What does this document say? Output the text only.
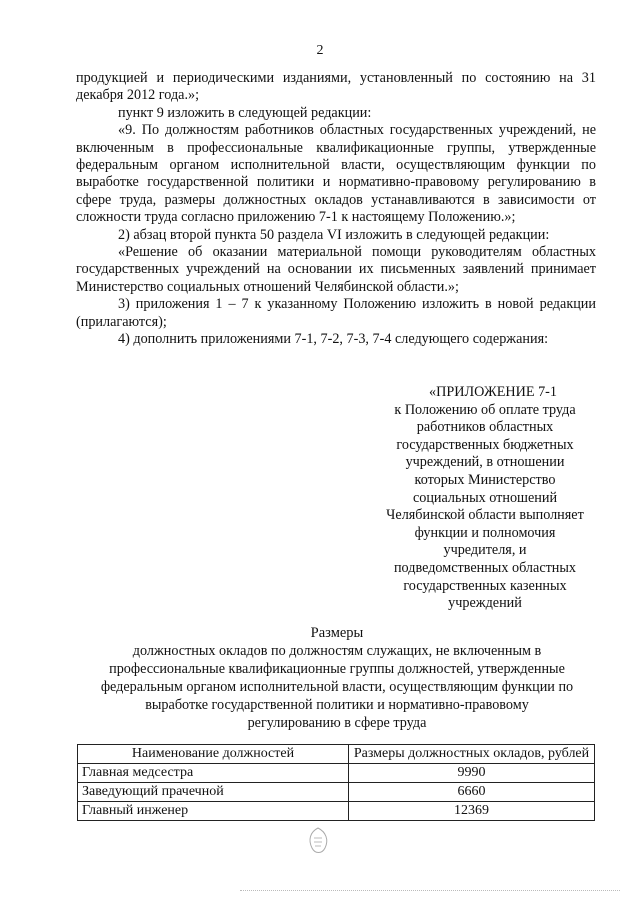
2

продукцией и периодическими изданиями, установленный по состоянию на 31 декабря 2012 года.»;

пункт 9 изложить в следующей редакции:

«9. По должностям работников областных государственных учреждений, не включенным в профессиональные квалификационные группы, утвержденные федеральным органом исполнительной власти, осуществляющим функции по выработке государственной политики и нормативно-правовому регулированию в сфере труда, размеры должностных окладов устанавливаются в зависимости от сложности труда согласно приложению 7-1 к настоящему Положению.»;

2) абзац второй пункта 50 раздела VI изложить в следующей редакции:

«Решение об оказании материальной помощи руководителям областных государственных учреждений на основании их письменных заявлений принимает Министерство социальных отношений Челябинской области.»;

3) приложения 1 – 7 к указанному Положению изложить в новой редакции (прилагаются);

4) дополнить приложениями 7-1, 7-2, 7-3, 7-4 следующего содержания:

«ПРИЛОЖЕНИЕ 7-1
к Положению об оплате труда
работников областных
государственных бюджетных
учреждений, в отношении
которых Министерство
социальных отношений
Челябинской области выполняет
функции и полномочия
учредителя, и
подведомственных областных
государственных казенных
учреждений
Размеры
должностных окладов по должностям служащих, не включенным в
профессиональные квалификационные группы должностей, утвержденные
федеральным органом исполнительной власти, осуществляющим функции по
выработке государственной политики и нормативно-правовому
регулированию в сфере труда
Наименование должностей	Размеры должностных окладов, рублей
Главная медсестра	9990
Заведующий прачечной	6660
Главный инженер	12369
